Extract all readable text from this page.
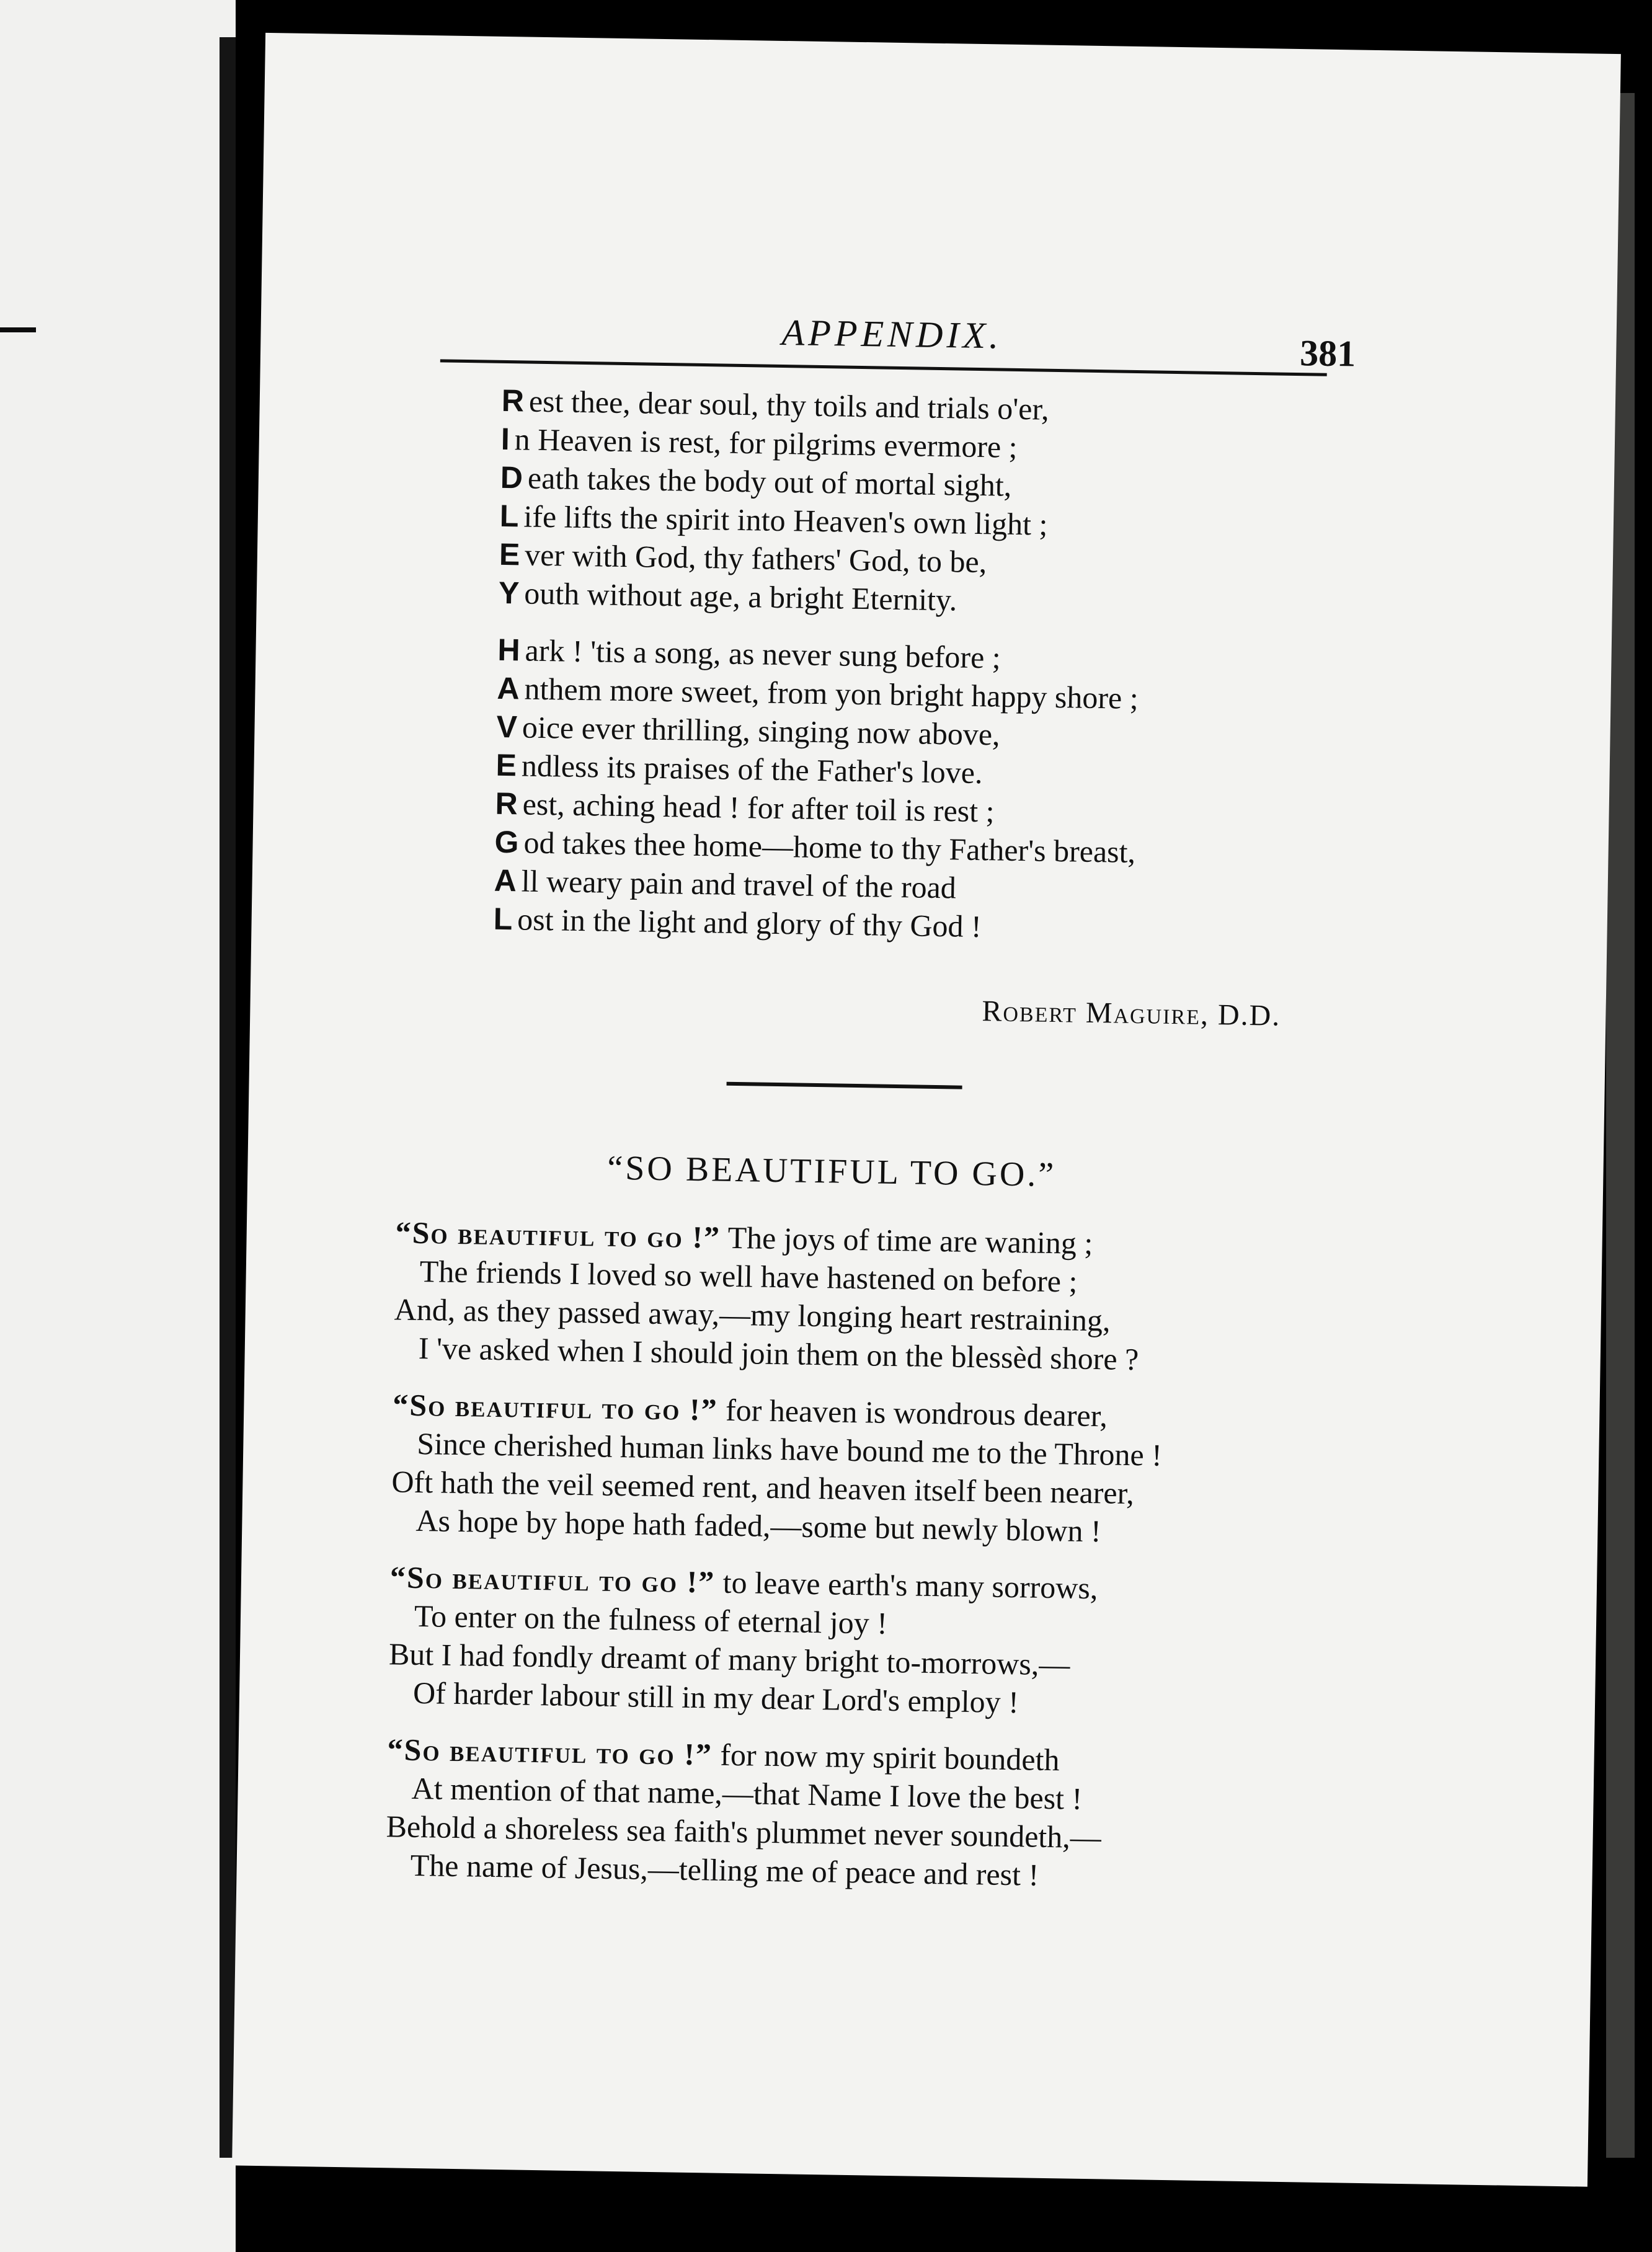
APPENDIX.	381
R est thee, dear soul, thy toils and trials o'er,
I n Heaven is rest, for pilgrims evermore ;
D eath takes the body out of mortal sight,
L ife lifts the spirit into Heaven's own light ;
E ver with God, thy fathers' God, to be,
Y outh without age, a bright Eternity.
H ark ! 'tis a song, as never sung before ;
A nthem more sweet, from yon bright happy shore ;
V oice ever thrilling, singing now above,
E ndless its praises of the Father's love.
R est, aching head ! for after toil is rest ;
G od takes thee home—home to thy Father's breast,
A ll weary pain and travel of the road
L ost in the light and glory of thy God !
Robert Maguire, D.D.
“SO BEAUTIFUL TO GO.”
“So beautiful to go !” The joys of time are waning ;
The friends I loved so well have hastened on before ;
And, as they passed away,—my longing heart restraining,
I 've asked when I should join them on the blessèd shore ?
“So beautiful to go !” for heaven is wondrous dearer,
Since cherished human links have bound me to the Throne !
Oft hath the veil seemed rent, and heaven itself been nearer,
As hope by hope hath faded,—some but newly blown !
“So beautiful to go !” to leave earth's many sorrows,
To enter on the fulness of eternal joy !
But I had fondly dreamt of many bright to-morrows,—
Of harder labour still in my dear Lord's employ !
“So beautiful to go !” for now my spirit boundeth
At mention of that name,—that Name I love the best !
Behold a shoreless sea faith's plummet never soundeth,—
The name of Jesus,—telling me of peace and rest !
